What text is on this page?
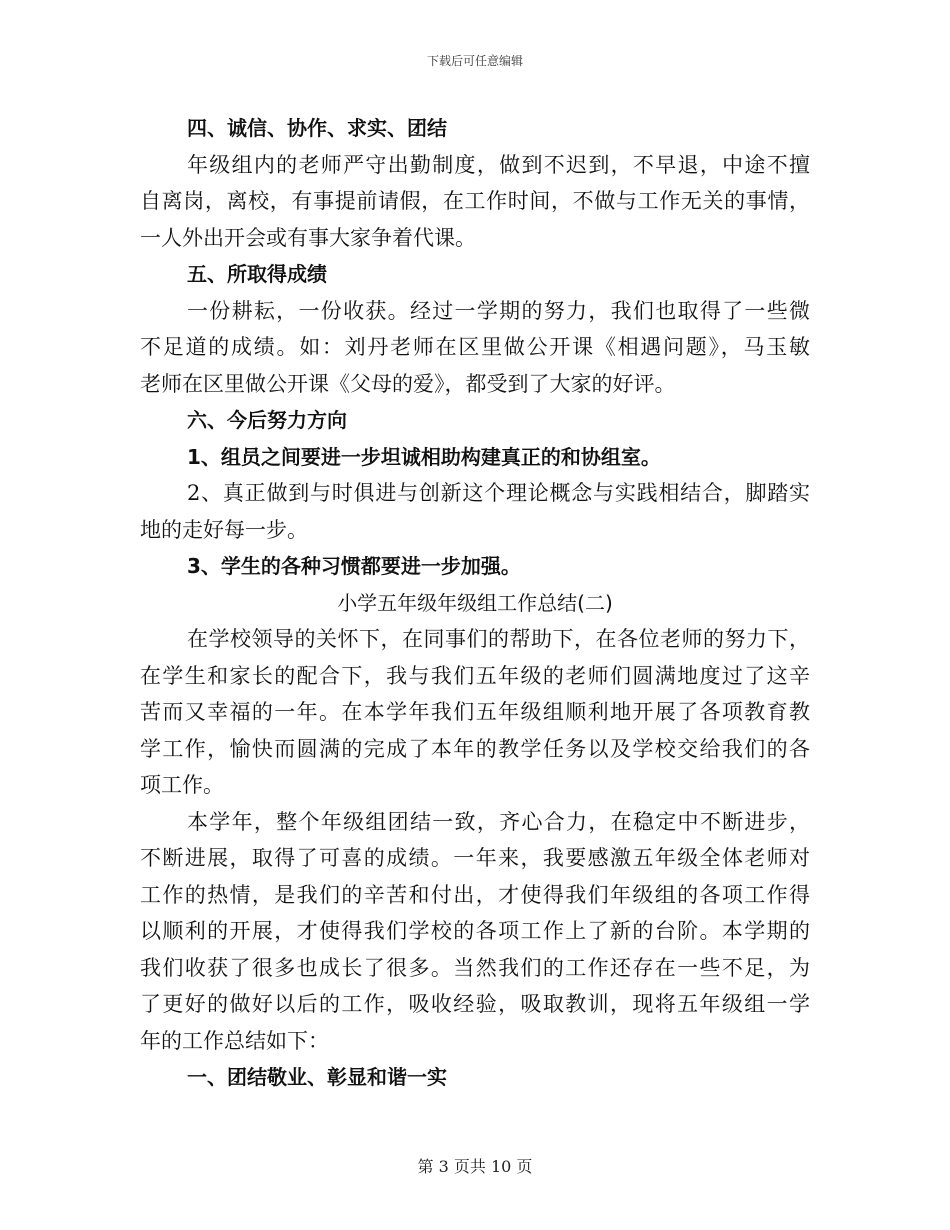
下载后可任意编辑
四、诚信、协作、求实、团结
年级组内的老师严守出勤制度，做到不迟到，不早退，中途不擅
自离岗，离校，有事提前请假，在工作时间，不做与工作无关的事情，
一人外出开会或有事大家争着代课。
五、所取得成绩
一份耕耘，一份收获。经过一学期的努力，我们也取得了一些微
不足道的成绩。如：刘丹老师在区里做公开课《相遇问题》，马玉敏
老师在区里做公开课《父母的爱》，都受到了大家的好评。
六、今后努力方向
1、组员之间要进一步坦诚相助构建真正的和协组室。
2、真正做到与时俱进与创新这个理论概念与实践相结合，脚踏实
地的走好每一步。
3、学生的各种习惯都要进一步加强。
小学五年级年级组工作总结(二)
在学校领导的关怀下，在同事们的帮助下，在各位老师的努力下，
在学生和家长的配合下，我与我们五年级的老师们圆满地度过了这辛
苦而又幸福的一年。在本学年我们五年级组顺利地开展了各项教育教
学工作，愉快而圆满的完成了本年的教学任务以及学校交给我们的各
项工作。
本学年，整个年级组团结一致，齐心合力，在稳定中不断进步，
不断进展，取得了可喜的成绩。一年来，我要感激五年级全体老师对
工作的热情，是我们的辛苦和付出，才使得我们年级组的各项工作得
以顺利的开展，才使得我们学校的各项工作上了新的台阶。本学期的
我们收获了很多也成长了很多。当然我们的工作还存在一些不足，为
了更好的做好以后的工作，吸收经验，吸取教训，现将五年级组一学
年的工作总结如下：
一、团结敬业、彰显和谐一实
第 3 页共 10 页
